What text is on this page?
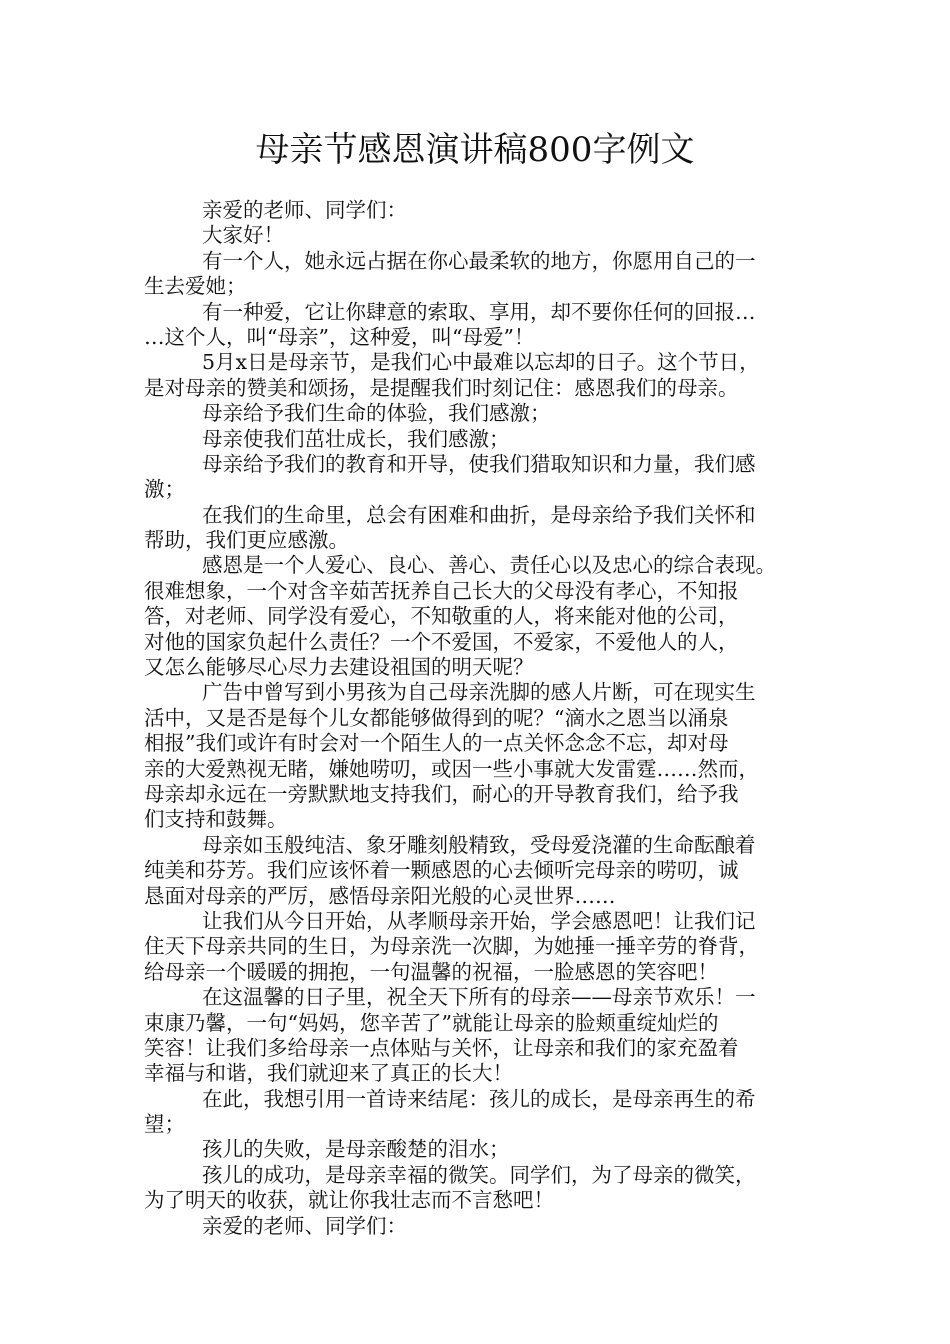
母亲节感恩演讲稿800字例文
亲爱的老师、同学们：
大家好！
有一个人，她永远占据在你心最柔软的地方，你愿用自己的一
生去爱她；
有一种爱，它让你肆意的索取、享用，却不要你任何的回报…
…这个人，叫“母亲”，这种爱，叫“母爱”！
5月x日是母亲节，是我们心中最难以忘却的日子。这个节日，
是对母亲的赞美和颂扬，是提醒我们时刻记住：感恩我们的母亲。
母亲给予我们生命的体验，我们感激；
母亲使我们茁壮成长，我们感激；
母亲给予我们的教育和开导，使我们猎取知识和力量，我们感
激；
在我们的生命里，总会有困难和曲折，是母亲给予我们关怀和
帮助，我们更应感激。
感恩是一个人爱心、良心、善心、责任心以及忠心的综合表现。
很难想象，一个对含辛茹苦抚养自己长大的父母没有孝心，不知报
答，对老师、同学没有爱心，不知敬重的人，将来能对他的公司，
对他的国家负起什么责任？一个不爱国，不爱家，不爱他人的人，
又怎么能够尽心尽力去建设祖国的明天呢？
广告中曾写到小男孩为自己母亲洗脚的感人片断，可在现实生
活中，又是否是每个儿女都能够做得到的呢？“滴水之恩当以涌泉
相报”我们或许有时会对一个陌生人的一点关怀念念不忘，却对母
亲的大爱熟视无睹，嫌她唠叨，或因一些小事就大发雷霆……然而，
母亲却永远在一旁默默地支持我们，耐心的开导教育我们，给予我
们支持和鼓舞。
母亲如玉般纯洁、象牙雕刻般精致，受母爱浇灌的生命酝酿着
纯美和芬芳。我们应该怀着一颗感恩的心去倾听完母亲的唠叨，诚
恳面对母亲的严厉，感悟母亲阳光般的心灵世界……
让我们从今日开始，从孝顺母亲开始，学会感恩吧！让我们记
住天下母亲共同的生日，为母亲洗一次脚，为她捶一捶辛劳的脊背，
给母亲一个暖暖的拥抱，一句温馨的祝福，一脸感恩的笑容吧！
在这温馨的日子里，祝全天下所有的母亲——母亲节欢乐！一
束康乃馨，一句“妈妈，您辛苦了”就能让母亲的脸颊重绽灿烂的
笑容！让我们多给母亲一点体贴与关怀，让母亲和我们的家充盈着
幸福与和谐，我们就迎来了真正的长大！
在此，我想引用一首诗来结尾：孩儿的成长，是母亲再生的希
望；
孩儿的失败，是母亲酸楚的泪水；
孩儿的成功，是母亲幸福的微笑。同学们，为了母亲的微笑，
为了明天的收获，就让你我壮志而不言愁吧！
亲爱的老师、同学们：
